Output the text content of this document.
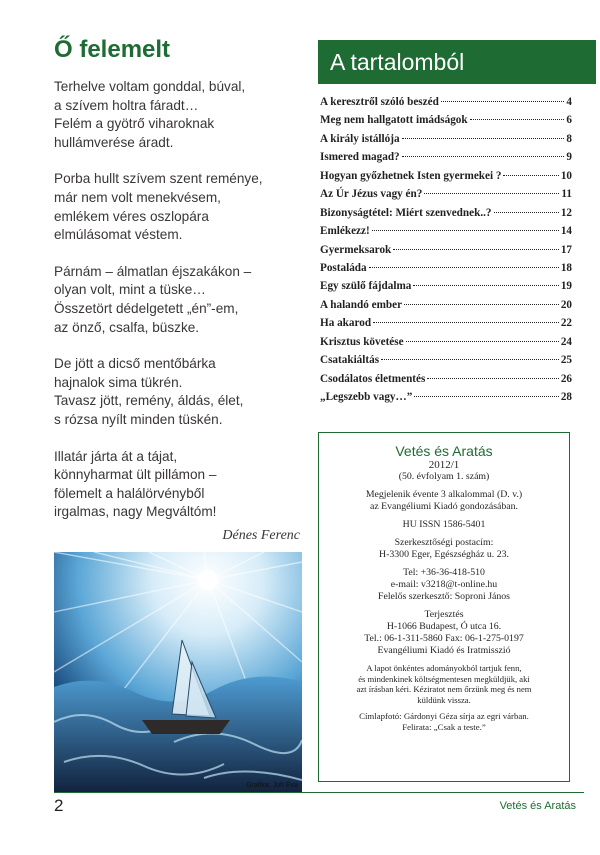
Ő felemelt
Terhelve voltam gonddal, búval,
a szívem holtra fáradt…
Felém a gyötrő viharoknak
hullámverése áradt.
Porba hullt szívem szent reménye,
már nem volt menekvésem,
emlékem véres oszlopára
elmúlásomat véstem.
Párnám – álmatlan éjszakákon –
olyan volt, mint a tüske…
Összetört dédelgetett „én”-em,
az önző, csalfa, büszke.
De jött a dicső mentőbárka
hajnalok sima tükrén.
Tavasz jött, remény, áldás, élet,
s rózsa nyílt minden tüskén.
Illatár járta át a tájat,
könnyharmat ült pillámon –
fölemelt a halálörvényből
irgalmas, nagy Megváltóm!
Dénes Ferenc
Grafika: Juh Éva
A tartalomból
A keresztről szóló beszéd	4
Meg nem hallgatott imádságok	6
A király istállója	8
Ismered magad?	9
Hogyan győzhetnek Isten gyermekei ?	10
Az Úr Jézus vagy én?	11
Bizonyságtétel: Miért szenvednek..?	12
Emlékezz!	14
Gyermeksarok	17
Postaláda	18
Egy szülő fájdalma	19
A halandó ember	20
Ha akarod	22
Krisztus követése	24
Csatakiáltás	25
Csodálatos életmentés	26
„Legszebb vagy…”	28
Vetés és Aratás
2012/1
(50. évfolyam 1. szám)
Megjelenik évente 3 alkalommal (D. v.)
az Evangéliumi Kiadó gondozásában.
HU ISSN 1586-5401
Szerkesztőségi postacím:
H-3300 Eger, Egészségház u. 23.
Tel: +36-36-418-510
e-mail: v3218@t-online.hu
Felelős szerkesztő: Soproni János
Terjesztés
H-1066 Budapest, Ó utca 16.
Tel.: 06-1-311-5860 Fax: 06-1-275-0197
Evangéliumi Kiadó és Iratmisszió
A lapot önkéntes adományokból tartjuk fenn,
és mindenkinek költségmentesen megküldjük, aki
azt írásban kéri. Kéziratot nem őrzünk meg és nem
küldünk vissza.
Címlapfotó: Gárdonyi Géza sírja az egri várban.
Felirata: „Csak a teste.”
2	Vetés és Aratás
